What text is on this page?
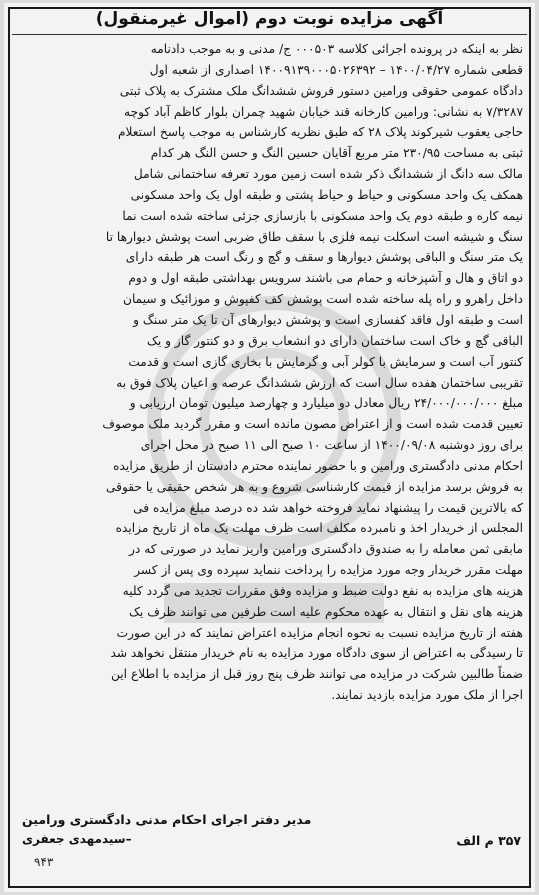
آگهی مزایده نوبت دوم (اموال غیرمنقول)
نظر به اینکه در پرونده اجرائی کلاسه ۰۰۰۵۰۳ ج/ مدنی و به موجب دادنامه
قطعی شماره ۱۴۰۰/۰۴/۲۷ – ۱۴۰۰۹۱۳۹۰۰۰۵۰۲۶۳۹۲ اصداری از شعبه اول
دادگاه عمومی حقوقی ورامین دستور فروش ششدانگ ملک مشترک به پلاک ثبتی
۷/۳۲۸۷ به نشانی: ورامین کارخانه قند خیابان شهید چمران بلوار کاظم آباد کوچه
حاجی یعقوب شیرکوند پلاک ۲۸ که طبق نظریه کارشناس به موجب پاسخ استعلام
ثبتی به مساحت ۲۳۰/۹۵ متر مربع آقایان حسین النگ و حسن النگ هر کدام
مالک سه دانگ از ششدانگ ذکر شده است زمین مورد تعرفه ساختمانی شامل
همکف یک واحد مسکونی و حیاط و حیاط پشتی و طبقه اول یک واحد مسکونی
نیمه کاره و طبقه دوم یک واحد مسکونی با بازسازی جزئی ساخته شده است نما
سنگ و شیشه است اسکلت نیمه فلزی با سقف طاق ضربی است پوشش دیوارها تا
یک متر سنگ و الباقی پوشش دیوارها و سقف و گچ و رنگ است هر طبقه دارای
دو اتاق و هال و آشپزخانه و حمام می باشند سرویس بهداشتی طبقه اول و دوم
داخل راهرو و راه پله ساخته شده است پوشش کف کفپوش و موزائیک و سیمان
است و طبقه اول فاقد کفسازی است و پوشش دیوارهای آن تا یک متر سنگ و
الباقی گچ و خاک است ساختمان دارای دو انشعاب برق و دو کنتور گاز و یک
کنتور آب است و سرمایش با کولر آبی و گرمایش با بخاری گازی است و قدمت
تقریبی ساختمان هفده سال است که ارزش ششدانگ عرصه و اعیان پلاک فوق به
مبلغ ۲۴/۰۰۰/۰۰۰/۰۰۰ ریال معادل دو میلیارد و چهارصد میلیون تومان ارزیابی و
تعیین قدمت شده است و از اعتراض مصون مانده است و مقرر گردید ملک موصوف
برای روز دوشنبه ۱۴۰۰/۰۹/۰۸ از ساعت ۱۰ صبح الی ۱۱ صبح در محل اجرای
احکام مدنی دادگستری ورامین و با حضور نماینده محترم دادستان از طریق مزایده
به فروش برسد مزایده از قیمت کارشناسی شروع و به هر شخص حقیقی یا حقوقی
که بالاترین قیمت را پیشنهاد نماید فروخته خواهد شد ده درصد مبلغ مزایده فی
المجلس از خریدار اخذ و نامبرده مکلف است ظرف مهلت یک ماه از تاریخ مزایده
مابقی ثمن معامله را به صندوق دادگستری ورامین واریز نماید در صورتی که در
مهلت مقرر خریدار وجه مورد مزایده را پرداخت ننماید سپرده وی پس از کسر
هزینه های مزایده به نفع دولت ضبط و مزایده وفق مقررات تجدید می گردد کلیه
هزینه های نقل و انتقال به عهده محکوم علیه است طرفین می توانند ظرف یک
هفته از تاریخ مزایده نسبت به نحوه انجام مزایده اعتراض نمایند که در این صورت
تا رسیدگی به اعتراض از سوی دادگاه مورد مزایده به نام خریدار منتقل نخواهد شد
ضمناً طالبین شرکت در مزایده می توانند ظرف پنج روز قبل از مزایده با اطلاع این
اجرا از ملک مورد مزایده بازدید نمایند.
مدیر دفتر اجرای احکام مدنی دادگستری ورامین
۳۵۷ م الف
–سیدمهدی جعفری
۹۴۳
